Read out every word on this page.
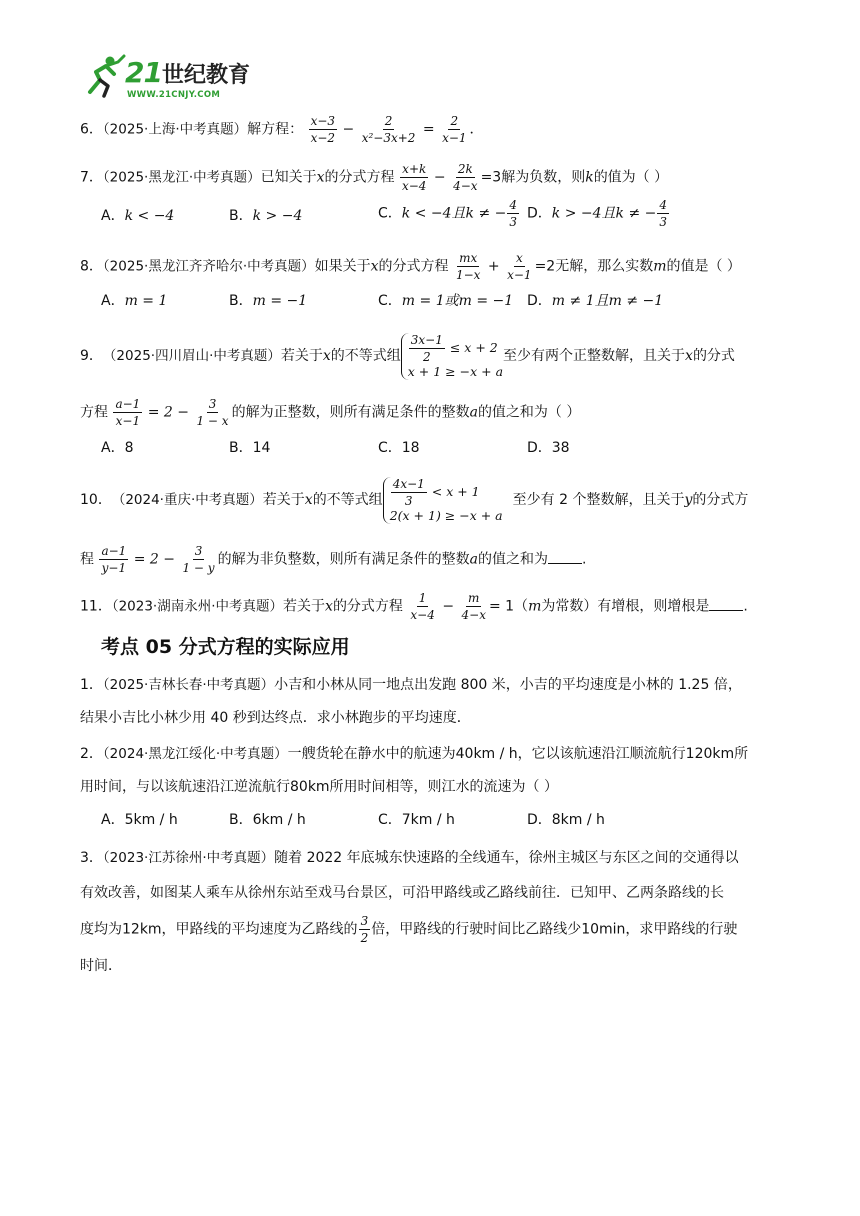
21世纪教育
WWW.21CNJY.COM
6．（2025·上海·中考真题）解方程： $\frac{x-3}{x-2} - \frac{2}{\text{x²−3x+2}} = \frac{2}{x-1}$ ．
7．（2025·黑龙江·中考真题）已知关于x的分式方程 $\frac{x+k}{x-4} - \frac{2k}{4-x} =3$解为负数，则k的值为（ ）
A．k < −4	B．k > −4	C．k < −4且k ≠ − $\frac{4}{3}$ D．k > −4且k ≠ − $\frac{4}{3}$
8．（2025·黑龙江齐齐哈尔·中考真题）如果关于x的分式方程 $\frac{mx}{1-x} + \frac{x}{x-1} =2$无解，那么实数m的值是（ ）
A．m = 1	B．m = −1	C．m = 1或m = −1 D．m ≠ 1且m ≠ −1
9． （2025·四川眉山·中考真题） 若关于 x 的不等式组 $\frac{3x-1}{2} \le x + 2$
x + 1 ≥ −x + a
至少有两个正整数解，且关于 x 的分式
方程 $\frac{a-1}{x-1} = 2 - \frac{3}{1 - x}$ 的解为正整数，则所有满足条件的整数a的值之和为（ ）
A．8	B．14	C．18	D．38
10． （2024·重庆·中考真题） 若关于 x 的不等式组 $\frac{4x-1}{3} < x + 1$
2(x + 1) ≥ −x + a
至少有 2 个整数解，且关于 y 的分式方
程 $\frac{a-1}{y-1} = 2 - \frac{3}{1 - y}$ 的解为非负整数，则所有满足条件的整数a的值之和为 .
11．（2023·湖南永州·中考真题）若关于x的分式方程 $\frac{1}{x-4} - \frac{m}{4-x} = 1(m$为常数）有增根，则增根是 .
考点 05 分式方程的实际应用
1．（2025·吉林长春·中考真题）小吉和小林从同一地点出发跑 800 米，小吉的平均速度是小林的 1.25 倍，
结果小吉比小林少用 40 秒到达终点．求小林跑步的平均速度．
2．（2024·黑龙江绥化·中考真题）一艘货轮在静水中的航速为40km / h，它以该航速沿江顺流航行120km所
用时间，与以该航速沿江逆流航行80km所用时间相等，则江水的流速为（ ）
A．5km / h	B．6km / h	C．7km / h	D．8km / h
3．（2023·江苏徐州·中考真题）随着 2022 年底城东快速路的全线通车，徐州主城区与东区之间的交通得以
有效改善，如图某人乘车从徐州东站至戏马台景区，可沿甲路线或乙路线前往．已知甲、乙两条路线的长
度均为12km，甲路线的平均速度为乙路线的 $\frac{3}{2}$ 倍，甲路线的行驶时间比乙路线少10min，求甲路线的行驶
时间．
